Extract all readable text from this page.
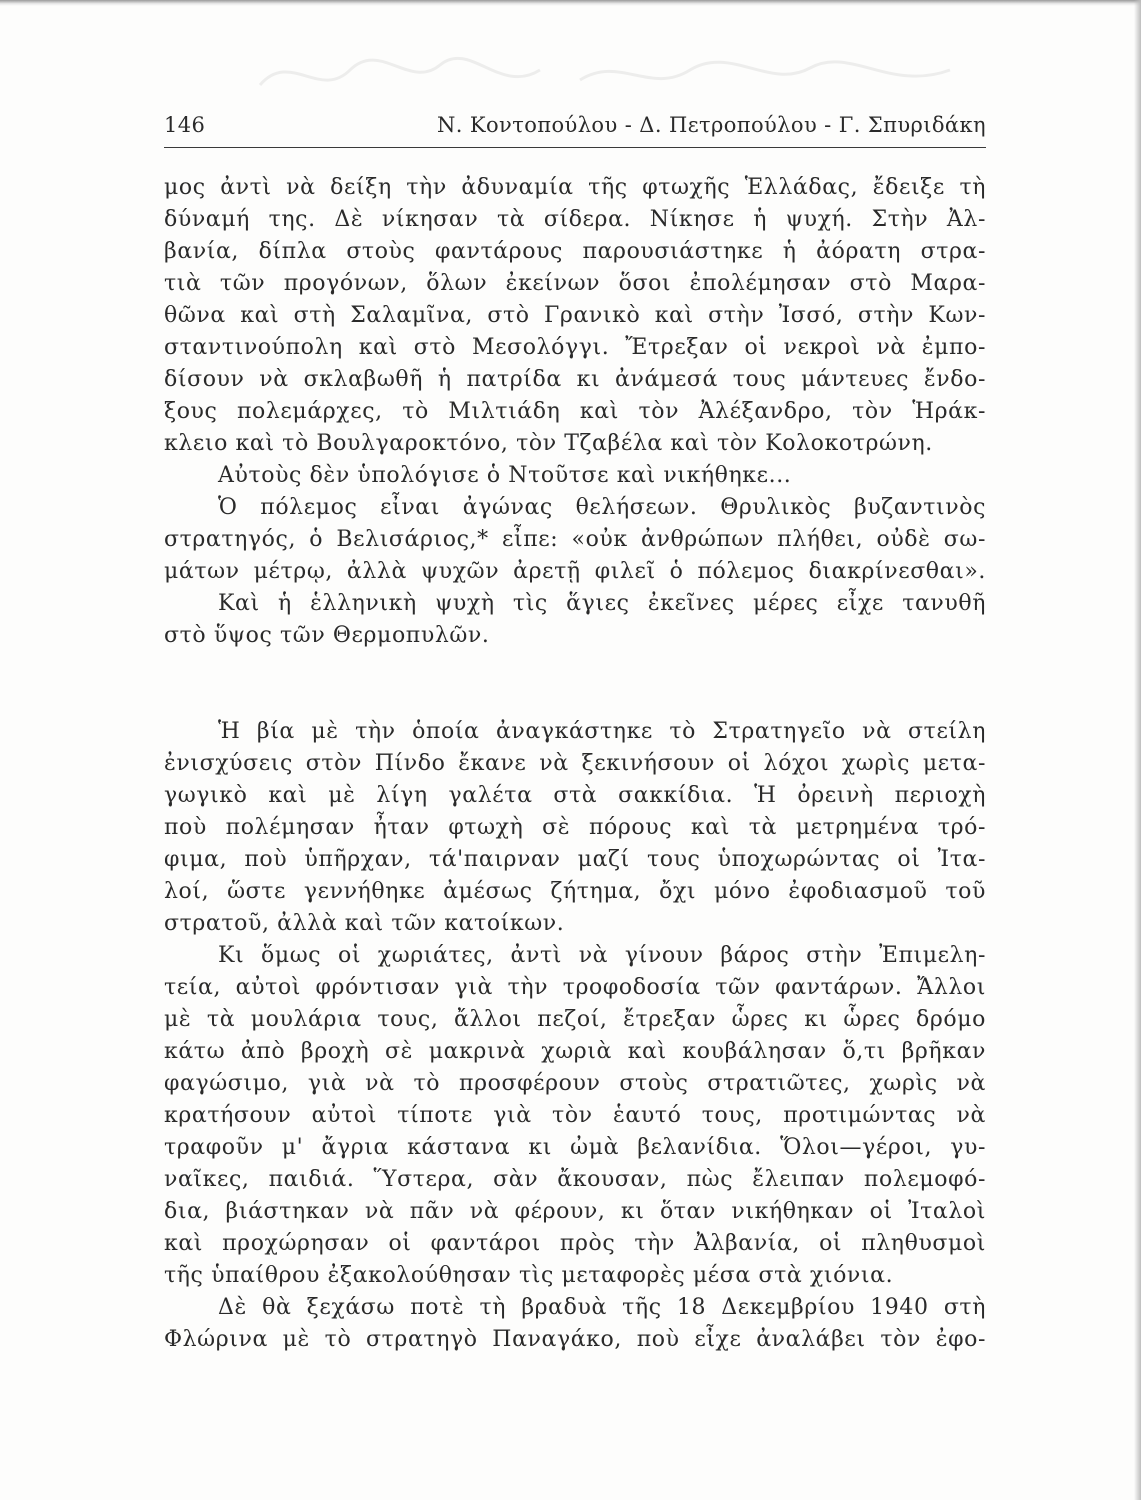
146	Ν. Κοντοπούλου - Δ. Πετροπούλου - Γ. Σπυριδάκη
μος ἀντὶ νὰ δείξη τὴν ἀδυναμία τῆς φτωχῆς Ἑλλάδας, ἔδειξε τὴ
δύναμή της. Δὲ νίκησαν τὰ σίδερα. Νίκησε ἡ ψυχή. Στὴν Ἀλ-
βανία, δίπλα στοὺς φαντάρους παρουσιάστηκε ἡ ἀόρατη στρα-
τιὰ τῶν προγόνων, ὅλων ἐκείνων ὅσοι ἐπολέμησαν στὸ Μαρα-
θῶνα καὶ στὴ Σαλαμῖνα, στὸ Γρανικὸ καὶ στὴν Ἰσσό, στὴν Κων-
σταντινούπολη καὶ στὸ Μεσολόγγι. Ἔτρεξαν οἱ νεκροὶ νὰ ἐμπο-
δίσουν νὰ σκλαβωθῆ ἡ πατρίδα κι ἀνάμεσά τους μάντευες ἔνδο-
ξους πολεμάρχες, τὸ Μιλτιάδη καὶ τὸν Ἀλέξανδρο, τὸν Ἡράκ-
κλειο καὶ τὸ Βουλγαροκτόνο, τὸν Τζαβέλα καὶ τὸν Κολοκοτρώνη.
Αὐτοὺς δὲν ὑπολόγισε ὁ Ντοῦτσε καὶ νικήθηκε...
Ὁ πόλεμος εἶναι ἀγώνας θελήσεων. Θρυλικὸς βυζαντινὸς
στρατηγός, ὁ Βελισάριος,* εἶπε: «οὐκ ἀνθρώπων πλήθει, οὐδὲ σω-
μάτων μέτρῳ, ἀλλὰ ψυχῶν ἀρετῇ φιλεῖ ὁ πόλεμος διακρίνεσθαι».
Καὶ ἡ ἑλληνικὴ ψυχὴ τὶς ἅγιες ἐκεῖνες μέρες εἶχε τανυθῆ
στὸ ὕψος τῶν Θερμοπυλῶν.
Ἡ βία μὲ τὴν ὁποία ἀναγκάστηκε τὸ Στρατηγεῖο νὰ στείλη
ἐνισχύσεις στὸν Πίνδο ἔκανε νὰ ξεκινήσουν οἱ λόχοι χωρὶς μετα-
γωγικὸ καὶ μὲ λίγη γαλέτα στὰ σακκίδια. Ἡ ὀρεινὴ περιοχὴ
ποὺ πολέμησαν ἦταν φτωχὴ σὲ πόρους καὶ τὰ μετρημένα τρό-
φιμα, ποὺ ὑπῆρχαν, τά'παιρναν μαζί τους ὑποχωρώντας οἱ Ἰτα-
λοί, ὥστε γεννήθηκε ἀμέσως ζήτημα, ὄχι μόνο ἐφοδιασμοῦ τοῦ
στρατοῦ, ἀλλὰ καὶ τῶν κατοίκων.
Κι ὅμως οἱ χωριάτες, ἀντὶ νὰ γίνουν βάρος στὴν Ἐπιμελη-
τεία, αὐτοὶ φρόντισαν γιὰ τὴν τροφοδοσία τῶν φαντάρων. Ἄλλοι
μὲ τὰ μουλάρια τους, ἄλλοι πεζοί, ἔτρεξαν ὧρες κι ὧρες δρόμο
κάτω ἀπὸ βροχὴ σὲ μακρινὰ χωριὰ καὶ κουβάλησαν ὅ,τι βρῆκαν
φαγώσιμο, γιὰ νὰ τὸ προσφέρουν στοὺς στρατιῶτες, χωρὶς νὰ
κρατήσουν αὐτοὶ τίποτε γιὰ τὸν ἑαυτό τους, προτιμώντας νὰ
τραφοῦν μ' ἄγρια κάστανα κι ὠμὰ βελανίδια. Ὅλοι—γέροι, γυ-
ναῖκες, παιδιά. Ὕστερα, σὰν ἄκουσαν, πὼς ἔλειπαν πολεμοφό-
δια, βιάστηκαν νὰ πᾶν νὰ φέρουν, κι ὅταν νικήθηκαν οἱ Ἰταλοὶ
καὶ προχώρησαν οἱ φαντάροι πρὸς τὴν Ἀλβανία, οἱ πληθυσμοὶ
τῆς ὑπαίθρου ἐξακολούθησαν τὶς μεταφορὲς μέσα στὰ χιόνια.
Δὲ θὰ ξεχάσω ποτὲ τὴ βραδυὰ τῆς 18 Δεκεμβρίου 1940 στὴ
Φλώρινα μὲ τὸ στρατηγὸ Παναγάκο, ποὺ εἶχε ἀναλάβει τὸν ἐφο-
